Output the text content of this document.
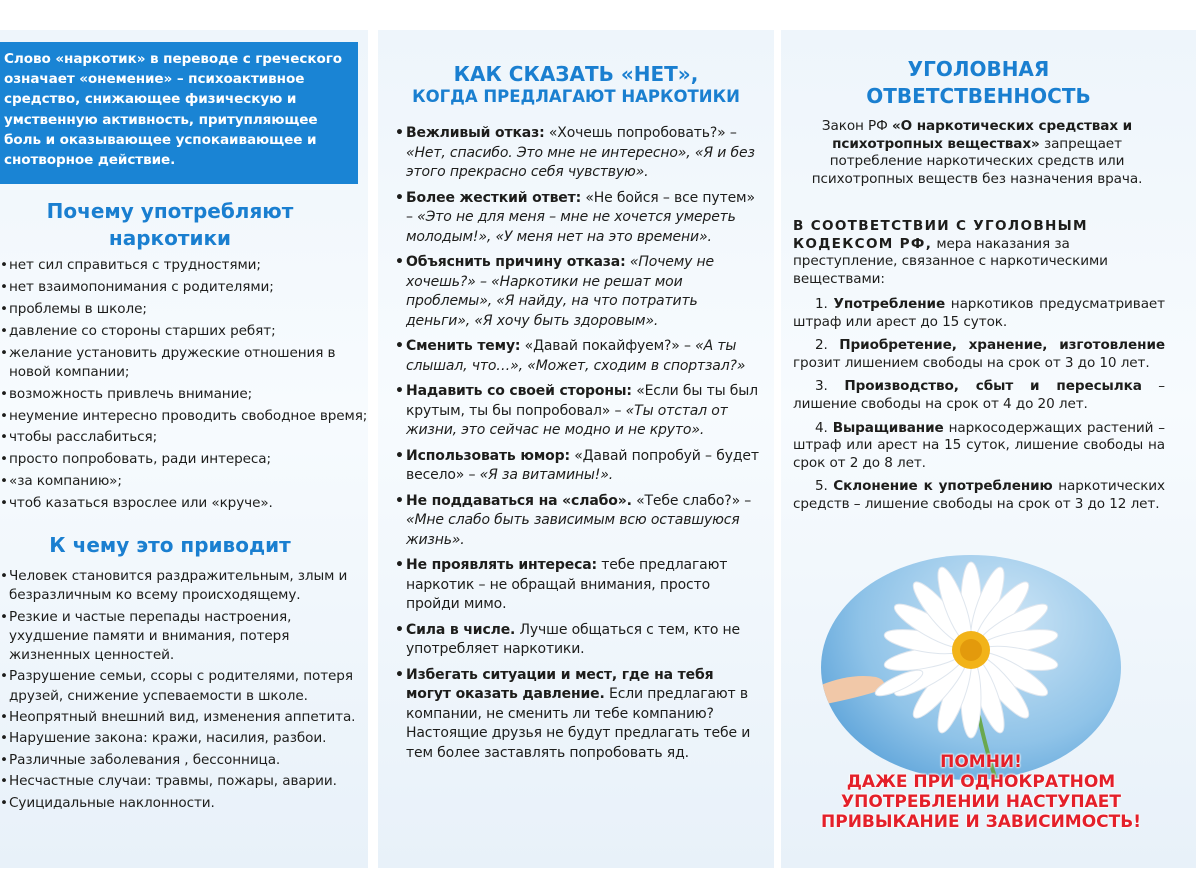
Слово «наркотик» в переводе с греческого означает «онемение» – психоактивное средство, снижающее физическую и умственную активность, притупляющее боль и оказывающее успокаивающее и снотворное действие.
Почему употребляют наркотики
• нет сил справиться с трудностями;
• нет взаимопонимания с родителями;
• проблемы в школе;
• давление со стороны старших ребят;
• желание установить дружеские отношения в новой компании;
• возможность привлечь внимание;
• неумение интересно проводить свободное время;
• чтобы расслабиться;
• просто попробовать, ради интереса;
• «за компанию»;
• чтоб казаться взрослее или «круче».
К чему это приводит
• Человек становится раздражительным, злым и безразличным ко всему происходящему.
• Резкие и частые перепады настроения, ухудшение памяти и внимания, потеря жизненных ценностей.
• Разрушение семьи, ссоры с родителями, потеря друзей, снижение успеваемости в школе.
• Неопрятный внешний вид, изменения аппетита.
• Нарушение закона: кражи, насилия, разбои.
• Различные заболевания , бессонница.
• Несчастные случаи: травмы, пожары, аварии.
• Суицидальные наклонности.
КАК СКАЗАТЬ «НЕТ»,
КОГДА ПРЕДЛАГАЮТ НАРКОТИКИ
• Вежливый отказ: «Хочешь попробовать?» – «Нет, спасибо. Это мне не интересно», «Я и без этого прекрасно себя чувствую».
• Более жесткий ответ: «Не бойся – все путем» – «Это не для меня – мне не хочется умереть молодым!», «У меня нет на это времени».
• Объяснить причину отказа: «Почему не хочешь?» – «Наркотики не решат мои проблемы», «Я найду, на что потратить деньги», «Я хочу быть здоровым».
• Сменить тему: «Давай покайфуем?» – «А ты слышал, что…», «Может, сходим в спортзал?»
• Надавить со своей стороны: «Если бы ты был крутым, ты бы попробовал» – «Ты отстал от жизни, это сейчас не модно и не круто».
• Использовать юмор: «Давай попробуй – будет весело» – «Я за витамины!».
• Не поддаваться на «слабо». «Тебе слабо?» – «Мне слабо быть зависимым всю оставшуюся жизнь».
• Не проявлять интереса: тебе предлагают наркотик – не обращай внимания, просто пройди мимо.
• Сила в числе. Лучше общаться с тем, кто не употребляет наркотики.
• Избегать ситуации и мест, где на тебя могут оказать давление. Если предлагают в компании, не сменить ли тебе компанию? Настоящие друзья не будут предлагать тебе и тем более заставлять попробовать яд.
УГОЛОВНАЯ
ОТВЕТСТВЕННОСТЬ

Закон РФ «О наркотических средствах и психотропных веществах» запрещает потребление наркотических средств или психотропных веществ без назначения врача.

В СООТВЕТСТВИИ С УГОЛОВНЫМ КОДЕКСОМ РФ, мера наказания за преступление, связанное с наркотическими веществами:

1. Употребление наркотиков предусматривает штраф или арест до 15 суток.
2. Приобретение, хранение, изготовление грозит лишением свободы на срок от 3 до 10 лет.
3. Производство, сбыт и пересылка – лишение свободы на срок от 4 до 20 лет.
4. Выращивание наркосодержащих растений – штраф или арест на 15 суток, лишение свободы на срок от 2 до 8 лет.
5. Склонение к употреблению наркотических средств – лишение свободы на срок от 3 до 12 лет.
ПОМНИ!
ДАЖЕ ПРИ ОДНОКРАТНОМ
УПОТРЕБЛЕНИИ НАСТУПАЕТ
ПРИВЫКАНИЕ И ЗАВИСИМОСТЬ!
